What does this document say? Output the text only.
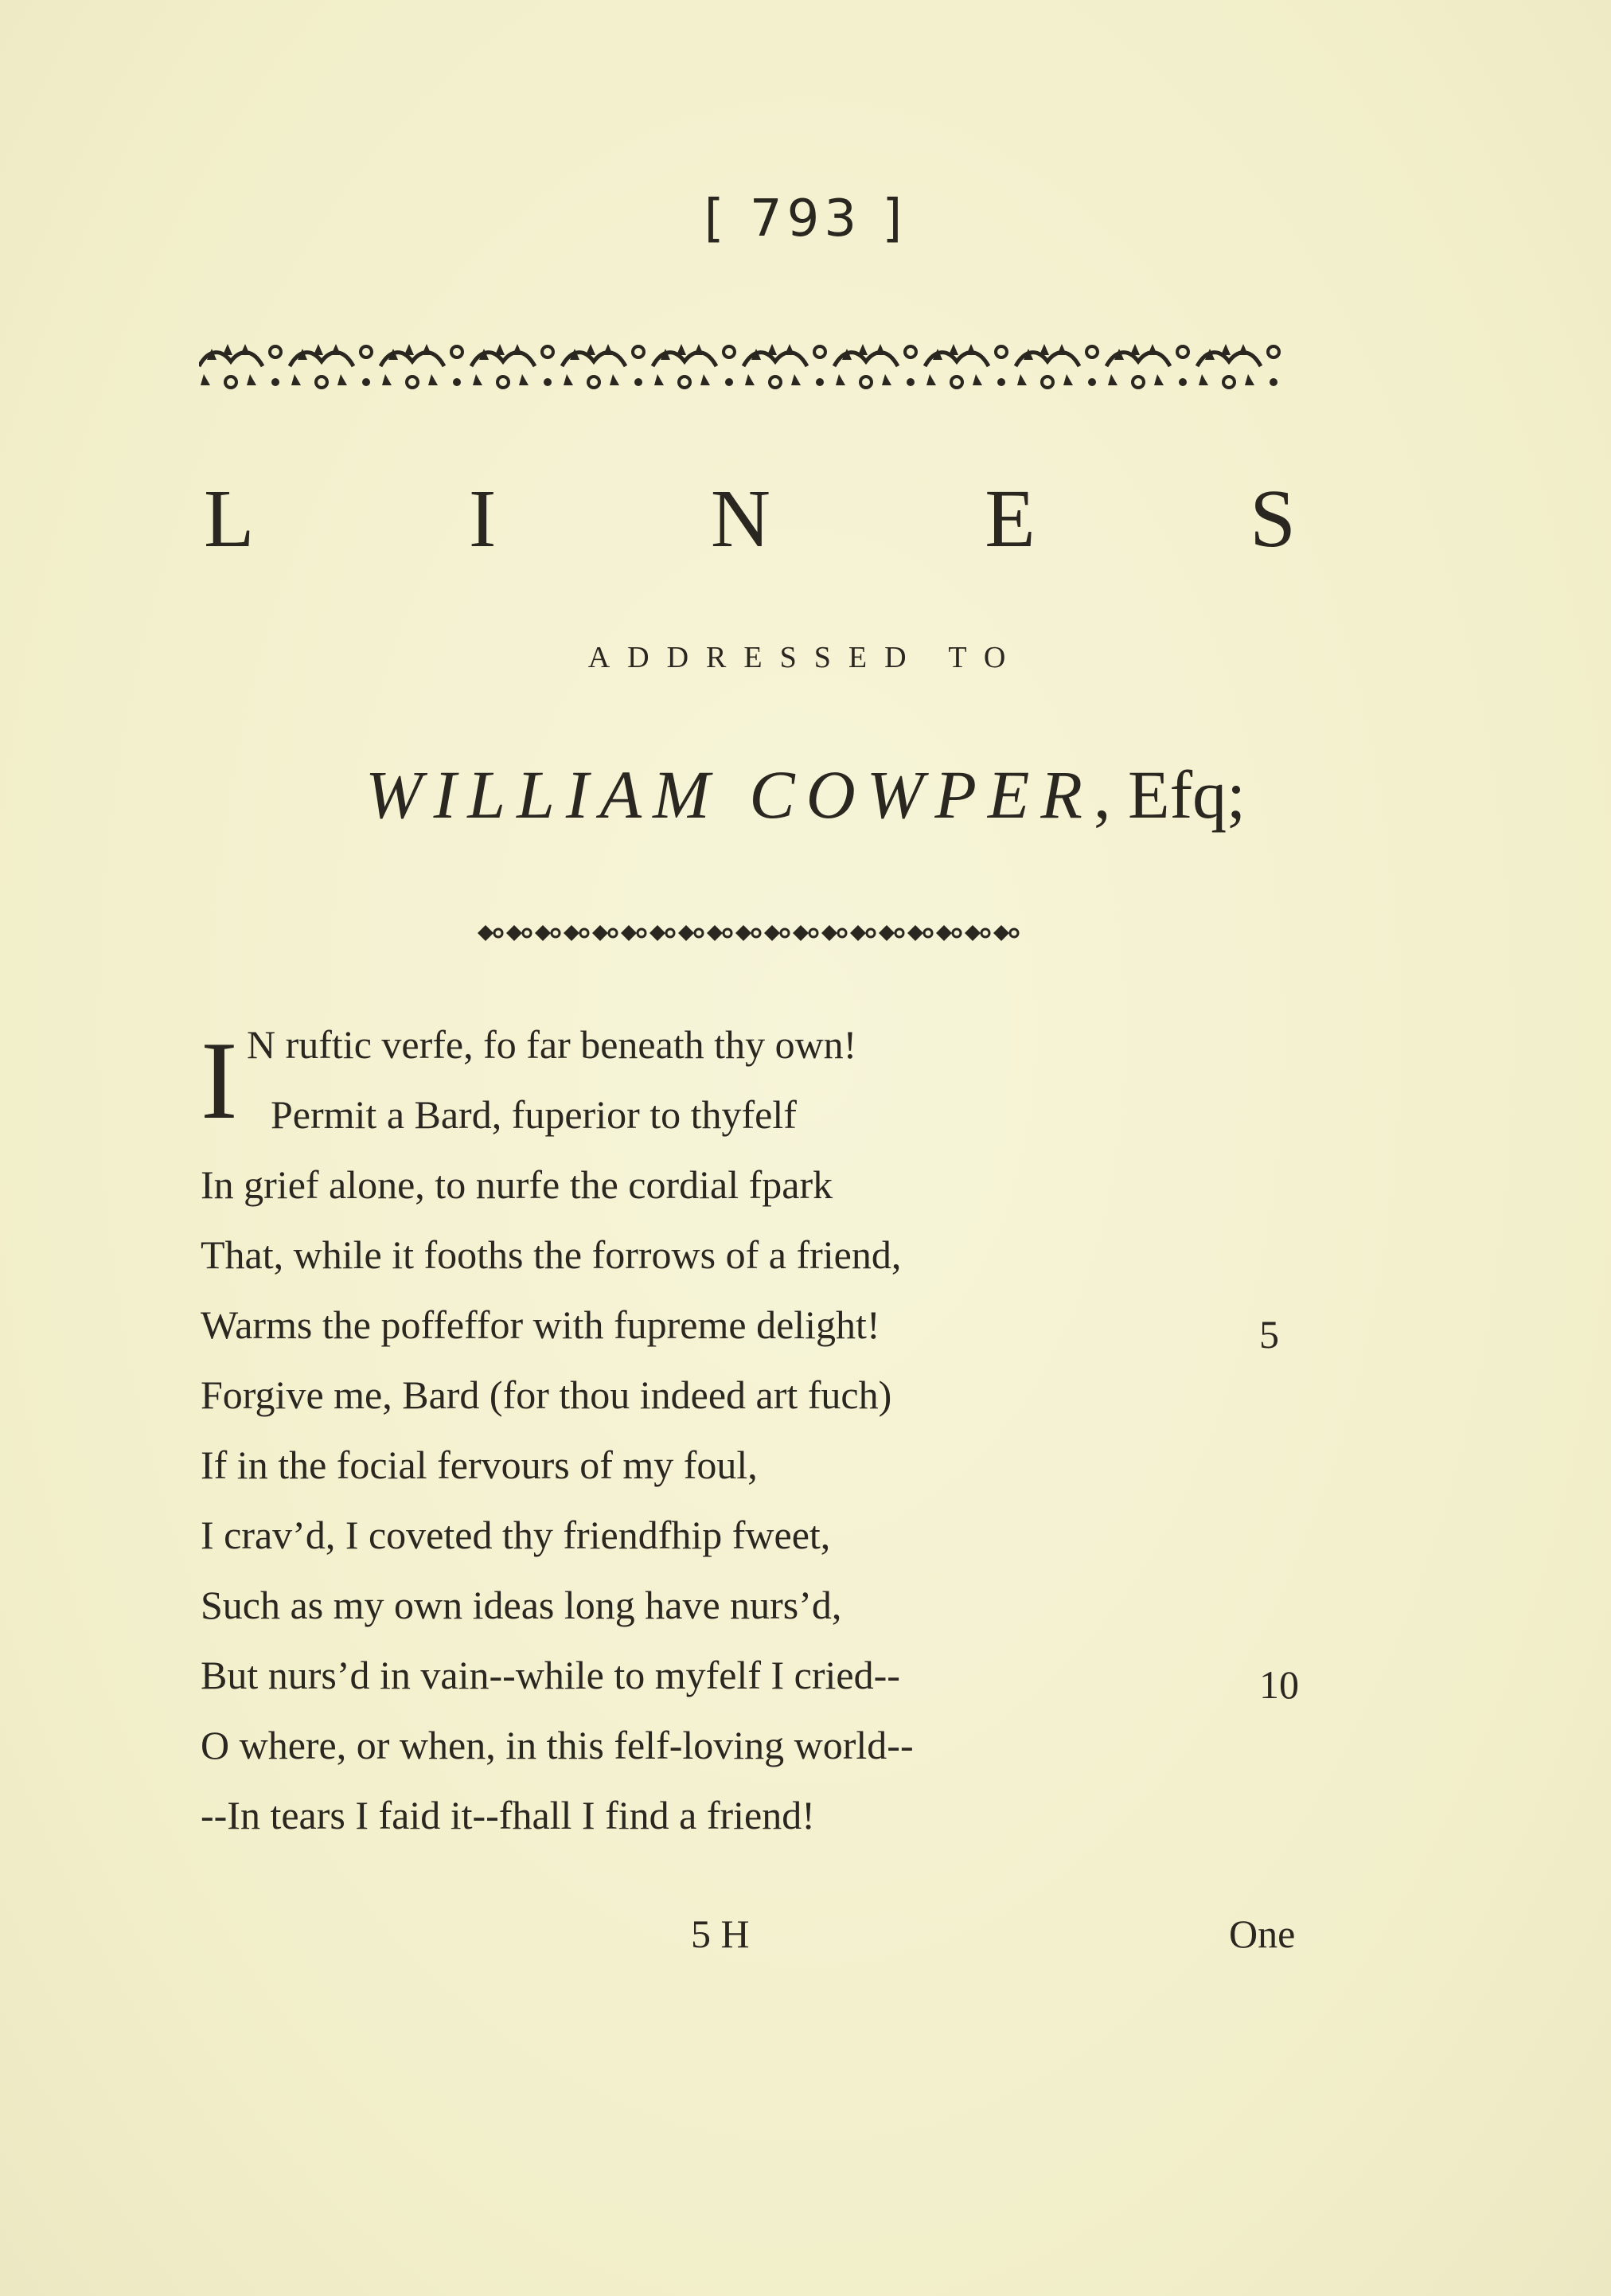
[ 793 ]
L	I	N	E	S
ADDRESSED TO
WILLIAM COWPER, Efq;
I N ruftic verfe, fo far beneath thy own!
Permit a Bard, fuperior to thyfelf
In grief alone, to nurfe the cordial fpark
That, while it fooths the forrows of a friend,
Warms the poffeffor with fupreme delight!	5
Forgive me, Bard (for thou indeed art fuch)
If in the focial fervours of my foul,
I crav’d, I coveted thy friendfhip fweet,
Such as my own ideas long have nurs’d,
But nurs’d in vain--while to myfelf I cried--	10
O where, or when, in this felf-loving world--
--In tears I faid it--fhall I find a friend!
5 H	One
